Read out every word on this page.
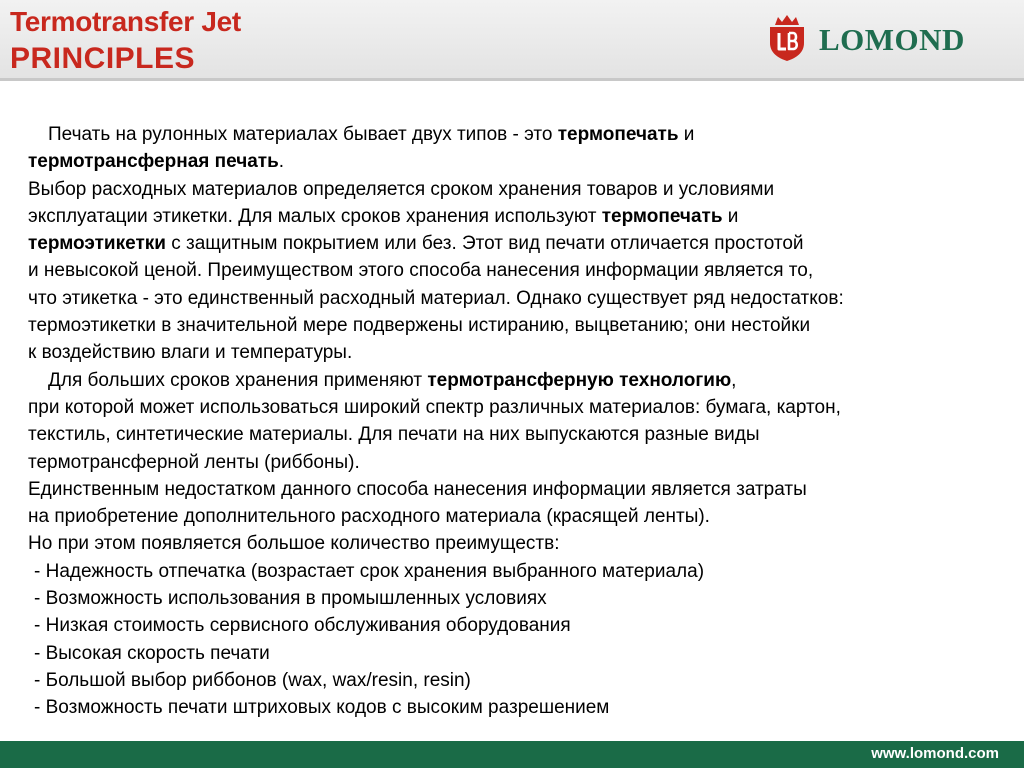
Termotransfer Jet
PRINCIPLES
LOMOND

Печать на рулонных материалах бывает двух типов - это термопечать и

термотрансферная печать.

Выбор расходных материалов определяется сроком хранения товаров и условиями

эксплуатации этикетки. Для малых сроков хранения используют термопечать и

термоэтикетки с защитным покрытием или без. Этот вид печати отличается простотой

и невысокой ценой. Преимуществом этого способа нанесения информации является то,

что этикетка - это единственный расходный материал. Однако существует ряд недостатков:

термоэтикетки в значительной мере подвержены истиранию, выцветанию; они нестойки

к воздействию влаги и температуры.

Для больших сроков хранения применяют термотрансферную технологию,

при которой может использоваться широкий спектр различных материалов: бумага, картон,

текстиль, синтетические материалы. Для печати на них выпускаются разные виды

термотрансферной ленты (риббоны).

Единственным недостатком данного способа нанесения информации является затраты

на приобретение дополнительного расходного материала (красящей ленты).

Но при этом появляется большое количество преимуществ:

- Надежность отпечатка (возрастает срок хранения выбранного материала)

- Возможность использования в промышленных условиях

- Низкая стоимость сервисного обслуживания оборудования

- Высокая скорость печати

- Большой выбор риббонов (wax, wax/resin, resin)

- Возможность печати штриховых кодов с высоким разрешением

www.lomond.com
